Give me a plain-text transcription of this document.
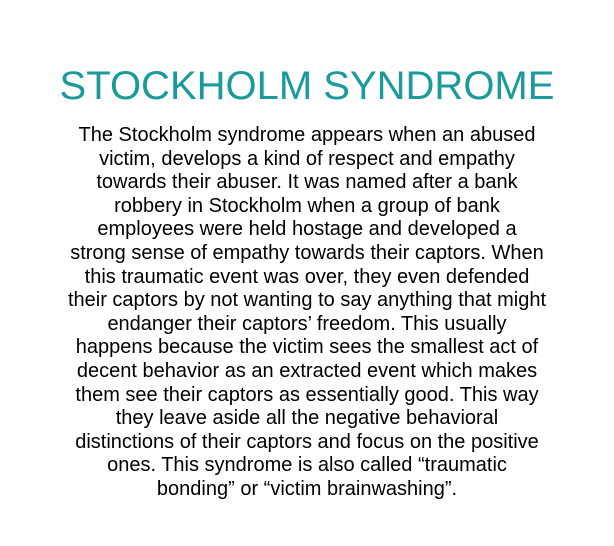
STOCKHOLM SYNDROME
The Stockholm syndrome appears when an abused
victim, develops a kind of respect and empathy
towards their abuser. It was named after a bank
robbery in Stockholm when a group of bank
employees were held hostage and developed a
strong sense of empathy towards their captors. When
this traumatic event was over, they even defended
their captors by not wanting to say anything that might
endanger their captors’ freedom. This usually
happens because the victim sees the smallest act of
decent behavior as an extracted event which makes
them see their captors as essentially good. This way
they leave aside all the negative behavioral
distinctions of their captors and focus on the positive
ones. This syndrome is also called “traumatic
bonding” or “victim brainwashing”.
